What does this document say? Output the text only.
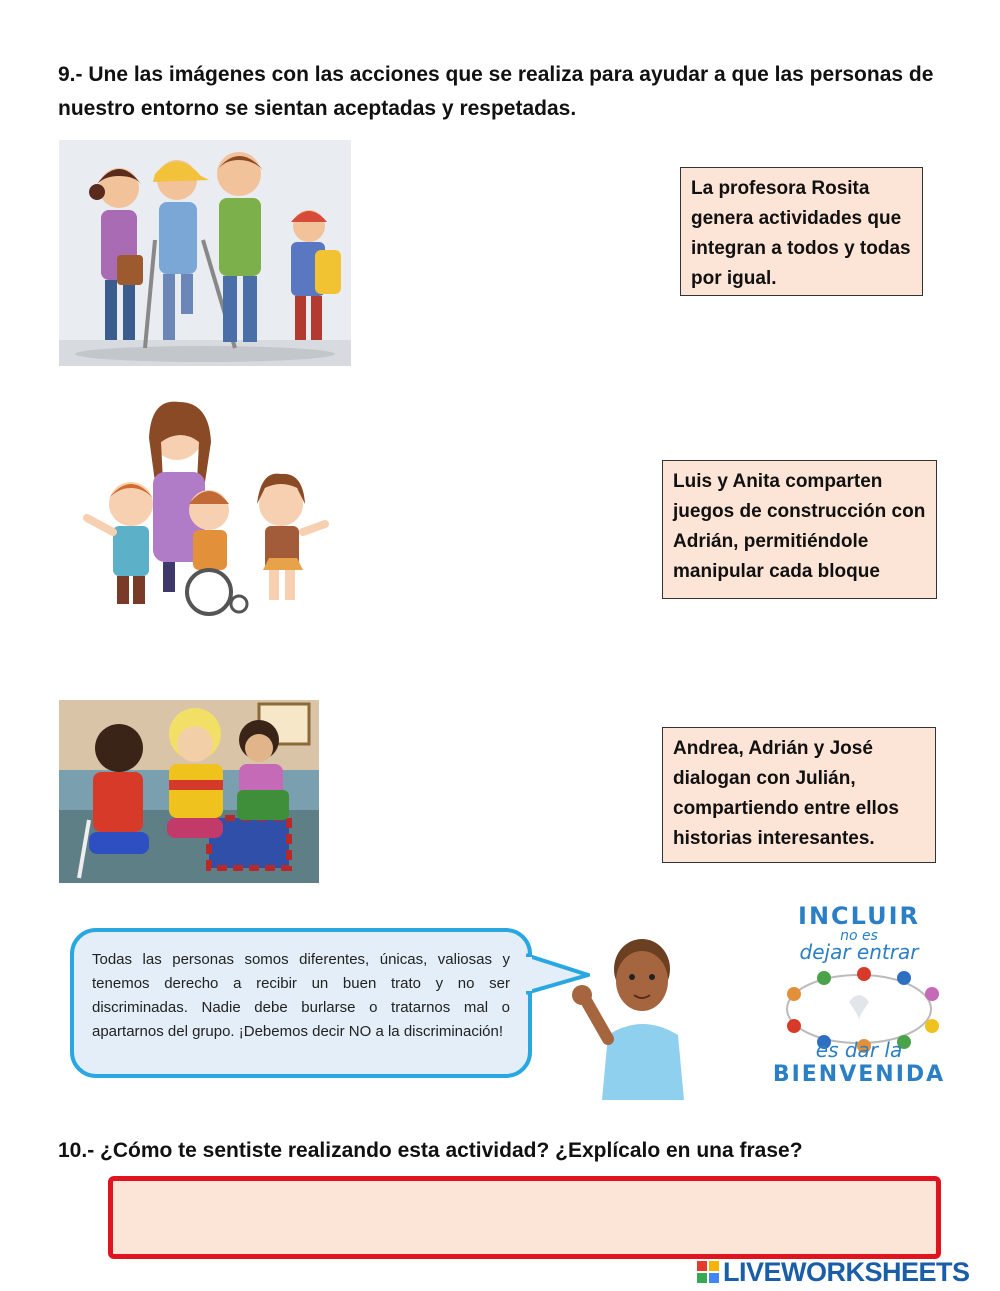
9.- Une las imágenes con las acciones que se realiza para ayudar a que las personas de nuestro entorno se sientan aceptadas y respetadas.

La profesora Rosita genera actividades que integran a todos y todas por igual.
Luis y Anita comparten juegos de construcción con Adrián, permitiéndole manipular cada bloque
Andrea, Adrián y José dialogan con Julián, compartiendo entre ellos historias interesantes.
Todas las personas somos diferentes, únicas, valiosas y tenemos derecho a recibir un buen trato y no ser discriminadas. Nadie debe burlarse o tratarnos mal o apartarnos del grupo. ¡Debemos decir NO a la discriminación!
INCLUIR
no es
dejar entrar
es dar la
BIENVENIDA

10.- ¿Cómo te sentiste realizando esta actividad? ¿Explícalo en una frase?

LIVEWORKSHEETS
